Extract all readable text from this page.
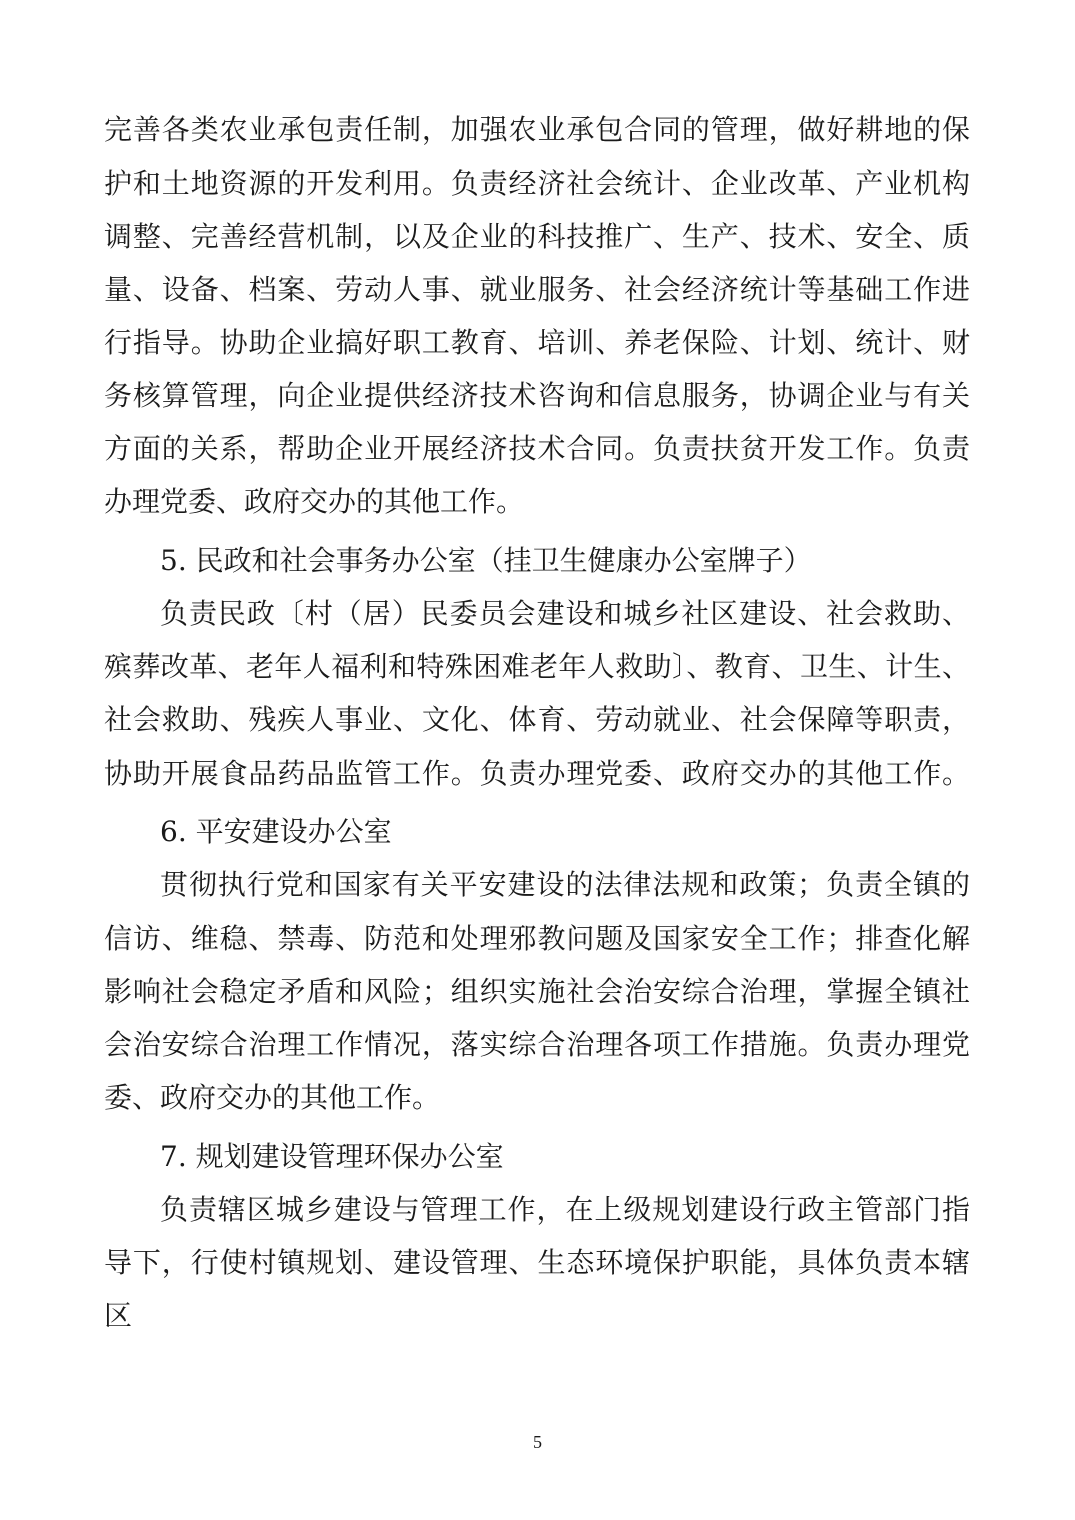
完善各类农业承包责任制，加强农业承包合同的管理，做好耕地的保
护和土地资源的开发利用。负责经济社会统计、企业改革、产业机构
调整、完善经营机制，以及企业的科技推广、生产、技术、安全、质
量、设备、档案、劳动人事、就业服务、社会经济统计等基础工作进
行指导。协助企业搞好职工教育、培训、养老保险、计划、统计、财
务核算管理，向企业提供经济技术咨询和信息服务，协调企业与有关
方面的关系，帮助企业开展经济技术合同。负责扶贫开发工作。负责
办理党委、政府交办的其他工作。
5. 民政和社会事务办公室（挂卫生健康办公室牌子）
负责民政〔村（居）民委员会建设和城乡社区建设、社会救助、
殡葬改革、老年人福利和特殊困难老年人救助〕、教育、卫生、计生、
社会救助、残疾人事业、文化、体育、劳动就业、社会保障等职责，
协助开展食品药品监管工作。负责办理党委、政府交办的其他工作。
6. 平安建设办公室
贯彻执行党和国家有关平安建设的法律法规和政策；负责全镇的
信访、维稳、禁毒、防范和处理邪教问题及国家安全工作；排查化解
影响社会稳定矛盾和风险；组织实施社会治安综合治理，掌握全镇社
会治安综合治理工作情况，落实综合治理各项工作措施。负责办理党
委、政府交办的其他工作。
7. 规划建设管理环保办公室
负责辖区城乡建设与管理工作，在上级规划建设行政主管部门指
导下，行使村镇规划、建设管理、生态环境保护职能，具体负责本辖
区
5
